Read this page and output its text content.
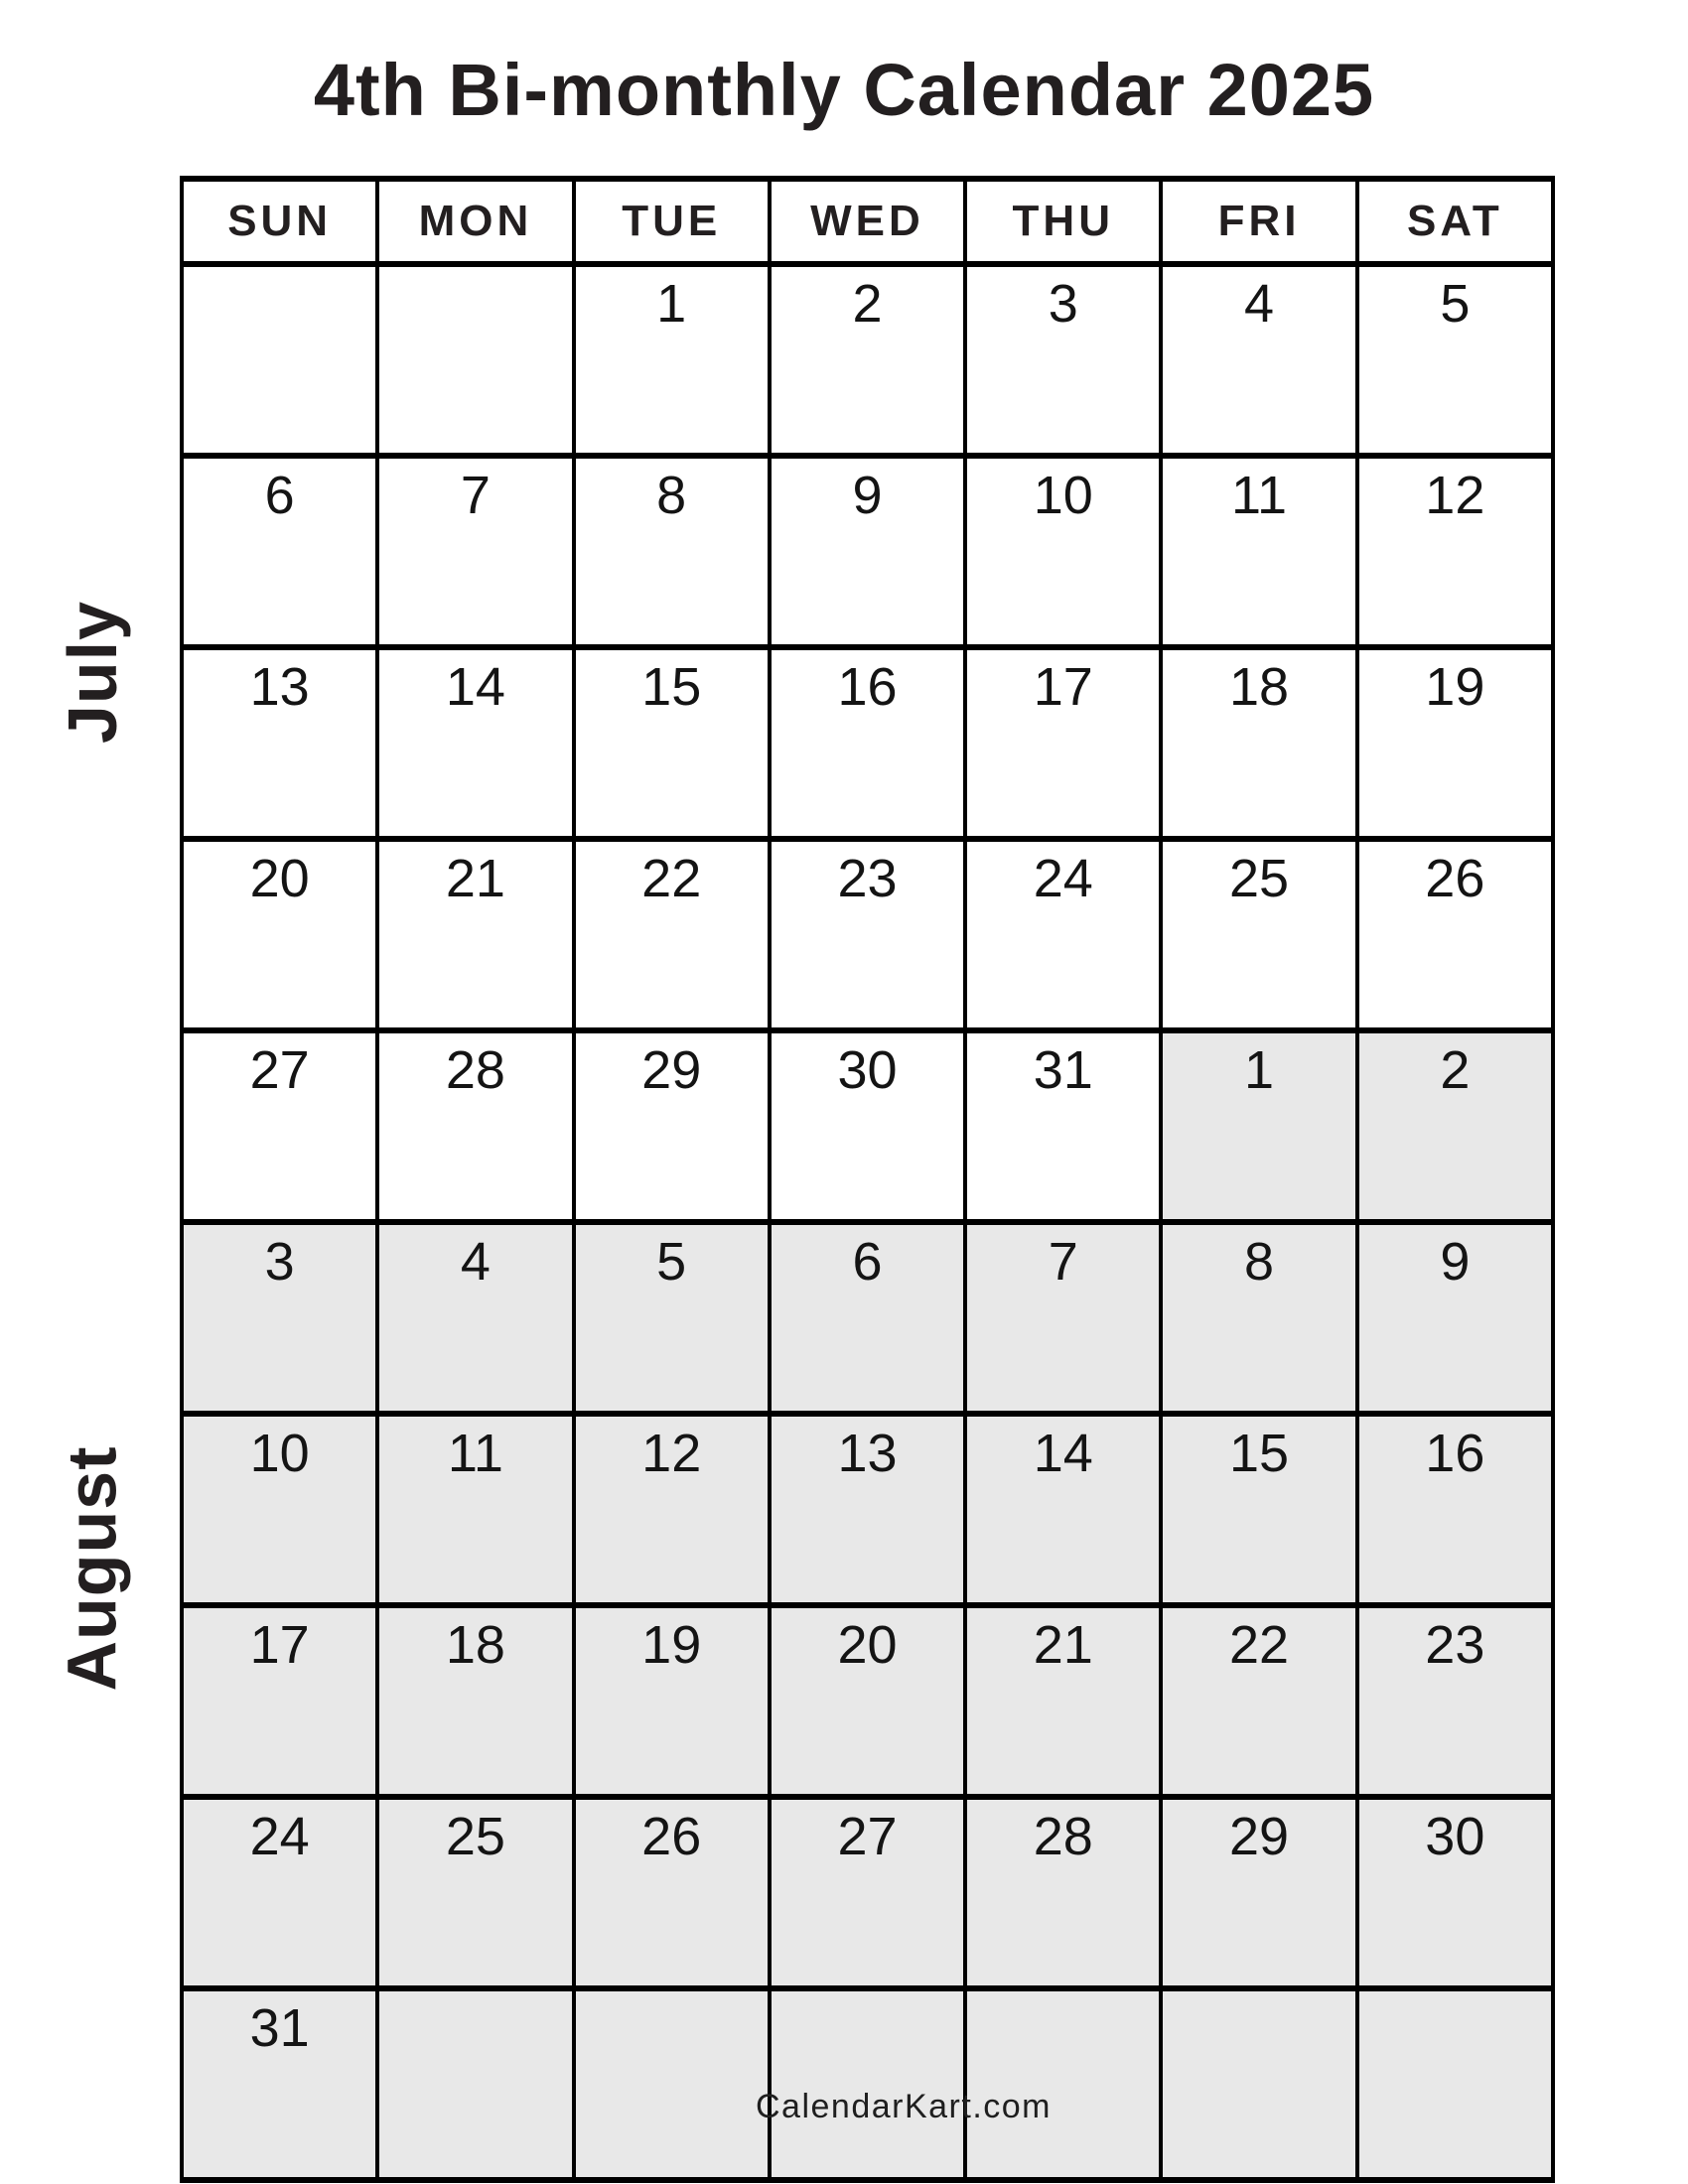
4th Bi-monthly Calendar 2025
July
August
SUN	MON	TUE	WED	THU	FRI	SAT
		1	2	3	4	5
6	7	8	9	10	11	12
13	14	15	16	17	18	19
20	21	22	23	24	25	26
27	28	29	30	31	1	2
3	4	5	6	7	8	9
10	11	12	13	14	15	16
17	18	19	20	21	22	23
24	25	26	27	28	29	30
31						
CalendarKart.com
